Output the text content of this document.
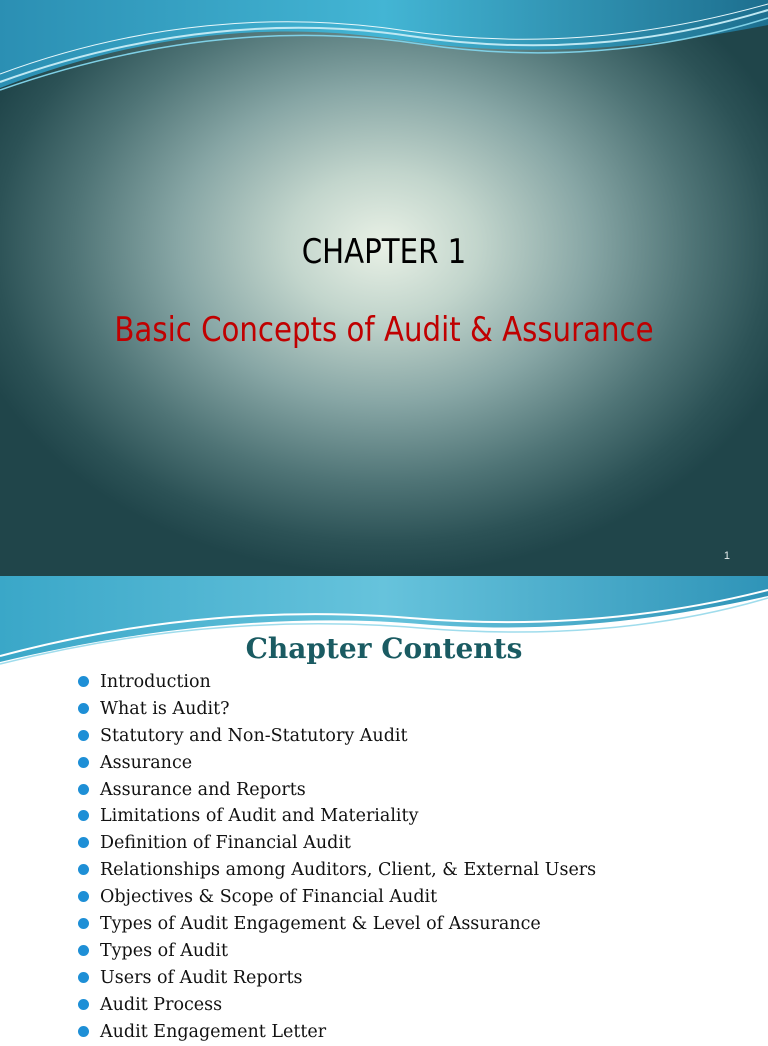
CHAPTER 1
Basic Concepts of Audit & Assurance
1
Chapter Contents
Introduction
What is Audit?
Statutory and Non-Statutory Audit
Assurance
Assurance and Reports
Limitations of Audit and Materiality
Definition of Financial Audit
Relationships among Auditors, Client, & External Users
Objectives & Scope of Financial Audit
Types of Audit Engagement & Level of Assurance
Types of Audit
Users of Audit Reports
Audit Process
Audit Engagement Letter
